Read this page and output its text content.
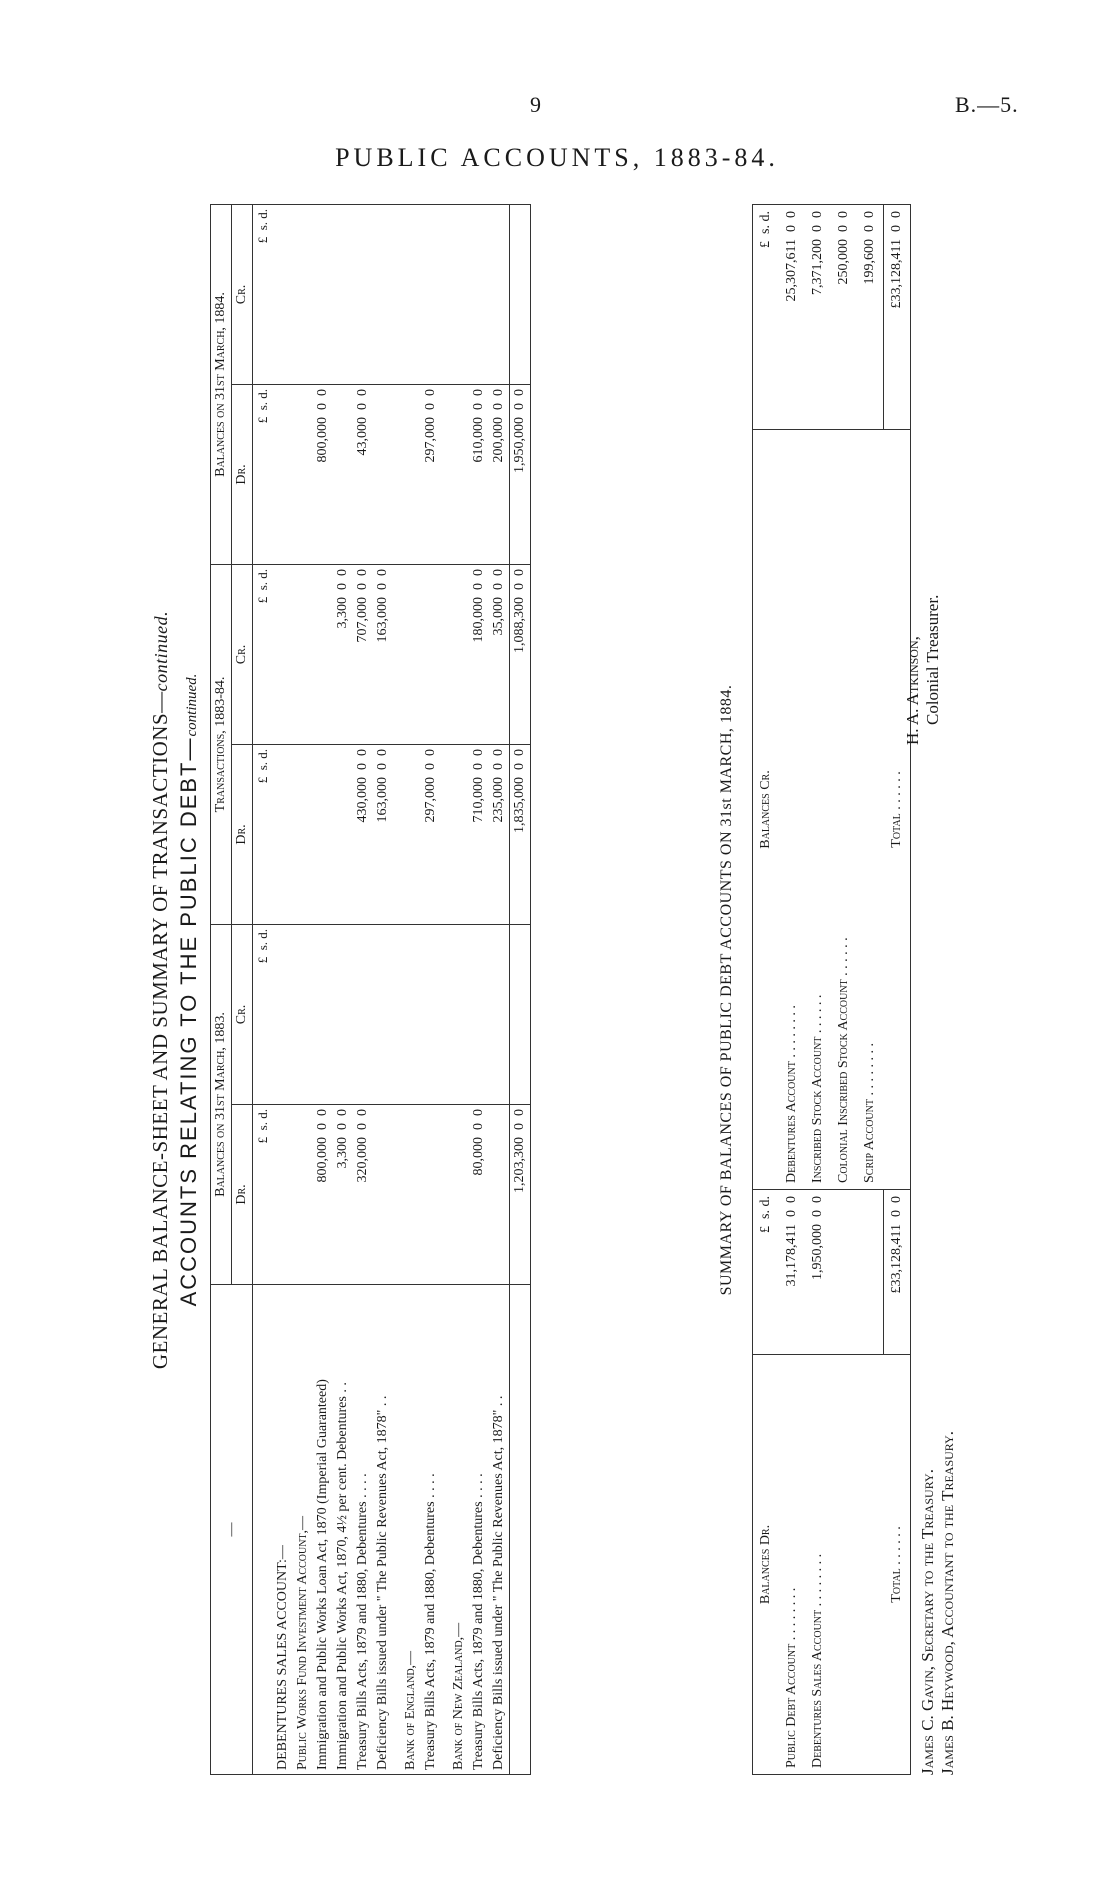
9	B.—5.
PUBLIC ACCOUNTS, 1883-84.
GENERAL BALANCE-SHEET AND SUMMARY OF TRANSACTIONS—continued.
ACCOUNTS RELATING TO THE PUBLIC DEBT—continued.
—	Balances on 31st March, 1883.		Transactions, 1883-84.		Balances on 31st March, 1884.	
	Dr.	Cr.	Dr.	Cr.	Dr.	Cr.
	£  s. d.	£  s. d.	£  s. d.	£  s. d.	£  s. d.	£  s. d.
DEBENTURES SALES ACCOUNT:—						
Public Works Fund Investment Account,—						
Immigration and Public Works Loan Act, 1870 (Imperial Guaranteed)	800,000  0  0				800,000  0  0	
Immigration and Public Works Act, 1870, 4½ per cent. Debentures . .	3,300  0  0			3,300  0  0		
Treasury Bills Acts, 1879 and 1880, Debentures . . . .	320,000  0  0		430,000  0  0	707,000  0  0	43,000  0  0	
Deficiency Bills issued under " The Public Revenues Act, 1878" . .			163,000  0  0	163,000  0  0		
Bank of England,—						
Treasury Bills Acts, 1879 and 1880, Debentures . . . .			297,000  0  0		297,000  0  0	
Bank of New Zealand,—						
Treasury Bills Acts, 1879 and 1880, Debentures . . . .	80,000  0  0		710,000  0  0	180,000  0  0	610,000  0  0	
Deficiency Bills issued under " The Public Revenues Act, 1878" . .			235,000  0  0	35,000  0  0	200,000  0  0	
	1,203,300  0  0		1,835,000  0  0	1,088,300  0  0	1,950,000  0  0	
SUMMARY OF BALANCES OF PUBLIC DEBT ACCOUNTS ON 31st MARCH, 1884.
Balances Dr.	£  s. d.	Balances Cr.	£  s. d.
Public Debt Account . . . . . . . .	31,178,411  0  0	Debentures Account . . . . . . . .	25,307,611  0  0
Debentures Sales Account . . . . . . . .	1,950,000  0  0	Inscribed Stock Account . . . . . .	7,371,200  0  0
		Colonial Inscribed Stock Account . . . . . .	250,000  0  0
		Scrip Account . . . . . . . .	199,600  0  0
Total . . . . . .	£33,128,411  0  0	Total . . . . . .	£33,128,411  0  0
James C. Gavin, Secretary to the Treasury. James B. Heywood, Accountant to the Treasury.
H. A. Atkinson, Colonial Treasurer.
